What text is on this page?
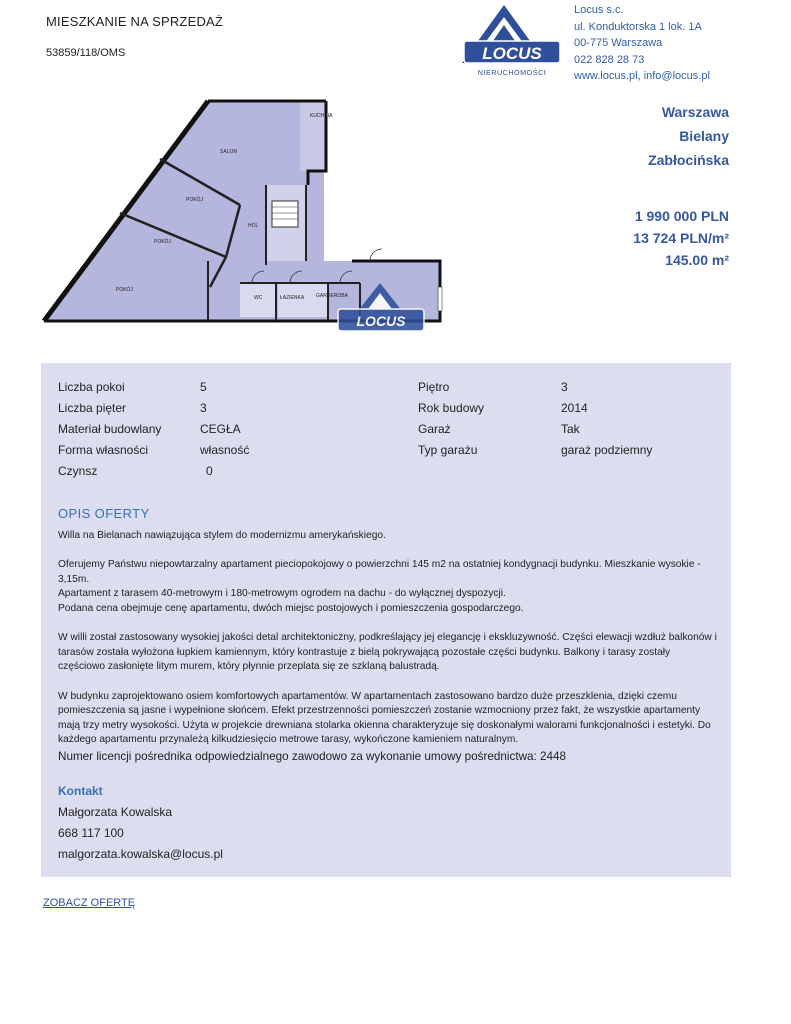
MIESZKANIE NA SPRZEDAŻ
53859/118/OMS	LOCUS
NIERUCHOMOŚCI
Locus s.c.
ul. Konduktorska 1 lok. 1A
00-775 Warszawa
022 828 28 73
www.locus.pl, info@locus.pl
Warszawa
Bielany
Zabłocińska
1 990 000 PLN
13 724 PLN/m²
145.00 m²
KUCHNIA
SALON
POKÓJ
POKÓJ
POKÓJ
HOL
WC	ŁAZIENKA GARDEROBA
LOCUS
OPIS OFERTY

Willa na Bielanach nawiązująca stylem do modernizmu amerykańskiego.

Oferujemy Państwu niepowtarzalny apartament pieciopokojowy o powierzchni 145 m2 na ostatniej kondygnacji budynku. Mieszkanie wysokie - 3,15m.
Apartament z tarasem 40-metrowym i 180-metrowym ogrodem na dachu - do wyłącznej dyspozycji.
Podana cena obejmuje cenę apartamentu, dwóch miejsc postojowych i pomieszczenia gospodarczego.

W willi został zastosowany wysokiej jakości detal architektoniczny, podkreślający jej elegancję i ekskluzywność. Części elewacji wzdłuż balkonów i tarasów została wyłożona łupkiem kamiennym, który kontrastuje z bielą pokrywającą pozostałe części budynku. Balkony i tarasy zostały częściowo zasłonięte litym murem, który płynnie przeplata się ze szklaną balustradą.

W budynku zaprojektowano osiem komfortowych apartamentów. W apartamentach zastosowano bardzo duże przeszklenia, dzięki czemu pomieszczenia są jasne i wypełnione słońcem. Efekt przestrzenności pomieszczeń zostanie wzmocniony przez fakt, że wszystkie apartamenty mają trzy metry wysokości. Użyta w projekcie drewniana stolarka okienna charakteryzuje się doskonałymi walorami funkcjonalności i estetyki. Do każdego apartamentu przynależą kilkudziesięcio metrowe tarasy, wykończone kamieniem naturalnym.

Numer licencji pośrednika odpowiedzialnego zawodowo za wykonanie umowy pośrednictwa: 2448
Kontakt
Małgorzata Kowalska
668 117 100
malgorzata.kowalska@locus.pl
ZOBACZ OFERTĘ
Liczba pokoi	5
Liczba pięter	3
Materiał budowlany	CEGŁA
Forma własności	własność
Czynsz	0
Piętro	3
Rok budowy	2014
Garaż	Tak
Typ garażu	garaż podziemny
